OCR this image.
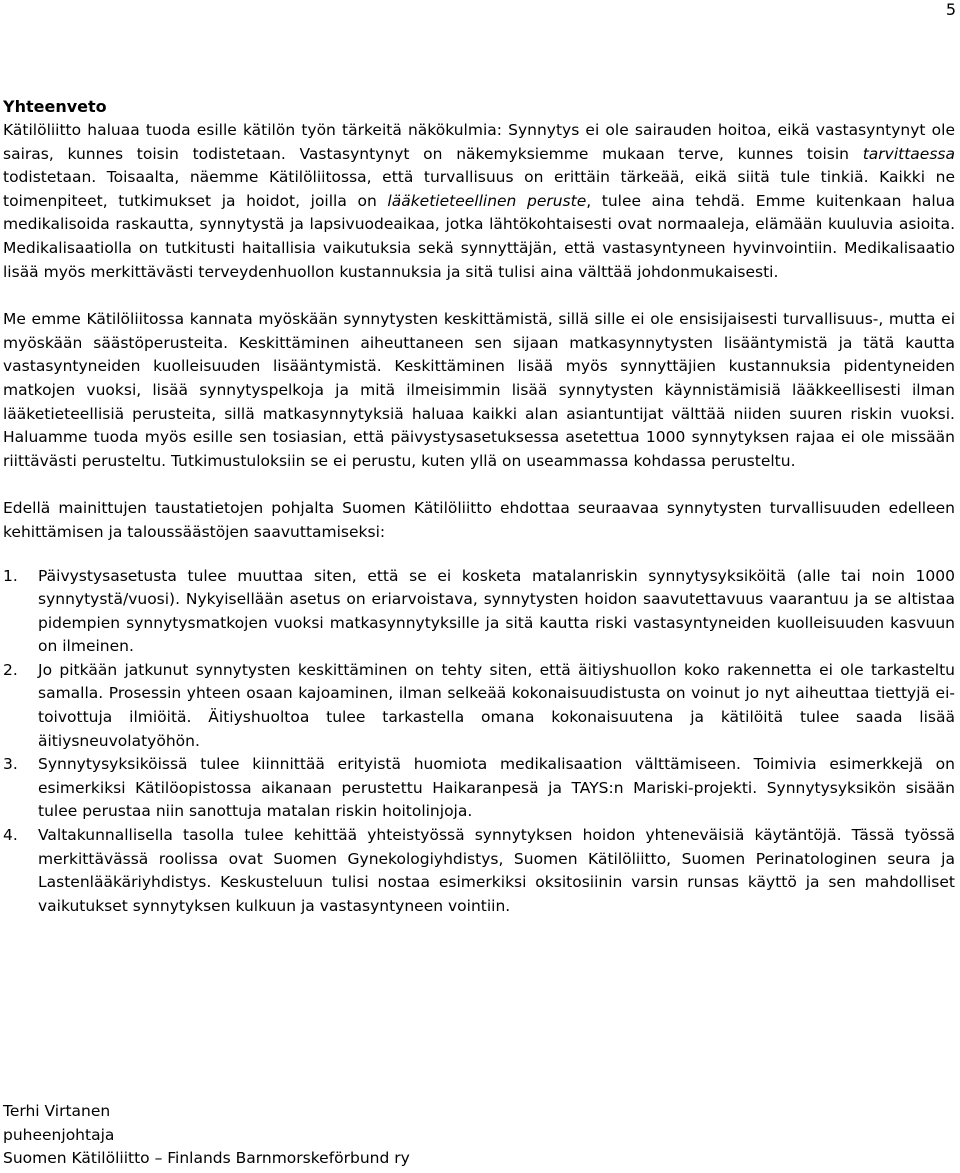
5
Yhteenveto

Kätilöliitto haluaa tuoda esille kätilön työn tärkeitä näkökulmia: Synnytys ei ole sairauden hoitoa, eikä vastasyntynyt ole sairas, kunnes toisin todistetaan. Vastasyntynyt on näkemyksiemme mukaan terve, kunnes toisin tarvittaessa todistetaan. Toisaalta, näemme Kätilöliitossa, että turvallisuus on erittäin tärkeää, eikä siitä tule tinkiä. Kaikki ne toimenpiteet, tutkimukset ja hoidot, joilla on lääketieteellinen peruste, tulee aina tehdä. Emme kuitenkaan halua medikalisoida raskautta, synnytystä ja lapsivuodeaikaa, jotka lähtökohtaisesti ovat normaaleja, elämään kuuluvia asioita. Medikalisaatiolla on tutkitusti haitallisia vaikutuksia sekä synnyttäjän, että vastasyntyneen hyvinvointiin. Medikalisaatio lisää myös merkittävästi terveydenhuollon kustannuksia ja sitä tulisi aina välttää johdonmukaisesti.

Me emme Kätilöliitossa kannata myöskään synnytysten keskittämistä, sillä sille ei ole ensisijaisesti turvallisuus-, mutta ei myöskään säästöperusteita. Keskittäminen aiheuttaneen sen sijaan matkasynnytysten lisääntymistä ja tätä kautta vastasyntyneiden kuolleisuuden lisääntymistä. Keskittäminen lisää myös synnyttäjien kustannuksia pidentyneiden matkojen vuoksi, lisää synnytyspelkoja ja mitä ilmeisimmin lisää synnytysten käynnistämisiä lääkkeellisesti ilman lääketieteellisiä perusteita, sillä matkasynnytyksiä haluaa kaikki alan asiantuntijat välttää niiden suuren riskin vuoksi. Haluamme tuoda myös esille sen tosiasian, että päivystysasetuksessa asetettua 1000 synnytyksen rajaa ei ole missään riittävästi perusteltu. Tutkimustuloksiin se ei perustu, kuten yllä on useammassa kohdassa perusteltu.

Edellä mainittujen taustatietojen pohjalta Suomen Kätilöliitto ehdottaa seuraavaa synnytysten turvallisuuden edelleen kehittämisen ja taloussäästöjen saavuttamiseksi:

1. Päivystysasetusta tulee muuttaa siten, että se ei kosketa matalanriskin synnytysyksiköitä (alle tai noin 1000 synnytystä/vuosi). Nykyisellään asetus on eriarvoistava, synnytysten hoidon saavutettavuus vaarantuu ja se altistaa pidempien synnytysmatkojen vuoksi matkasynnytyksille ja sitä kautta riski vastasyntyneiden kuolleisuuden kasvuun on ilmeinen.
2. Jo pitkään jatkunut synnytysten keskittäminen on tehty siten, että äitiyshuollon koko rakennetta ei ole tarkasteltu samalla. Prosessin yhteen osaan kajoaminen, ilman selkeää kokonaisuudistusta on voinut jo nyt aiheuttaa tiettyjä ei-toivottuja ilmiöitä. Äitiyshuoltoa tulee tarkastella omana kokonaisuutena ja kätilöitä tulee saada lisää äitiysneuvolatyöhön.
3. Synnytysyksiköissä tulee kiinnittää erityistä huomiota medikalisaation välttämiseen. Toimivia esimerkkejä on esimerkiksi Kätilöopistossa aikanaan perustettu Haikaranpesä ja TAYS:n Mariski-projekti. Synnytysyksikön sisään tulee perustaa niin sanottuja matalan riskin hoitolinjoja.
4. Valtakunnallisella tasolla tulee kehittää yhteistyössä synnytyksen hoidon yhteneväisiä käytäntöjä. Tässä työssä merkittävässä roolissa ovat Suomen Gynekologiyhdistys, Suomen Kätilöliitto, Suomen Perinatologinen seura ja Lastenlääkäriyhdistys. Keskusteluun tulisi nostaa esimerkiksi oksitosiinin varsin runsas käyttö ja sen mahdolliset vaikutukset synnytyksen kulkuun ja vastasyntyneen vointiin.
Terhi Virtanen
puheenjohtaja
Suomen Kätilöliitto – Finlands Barnmorskeförbund ry
